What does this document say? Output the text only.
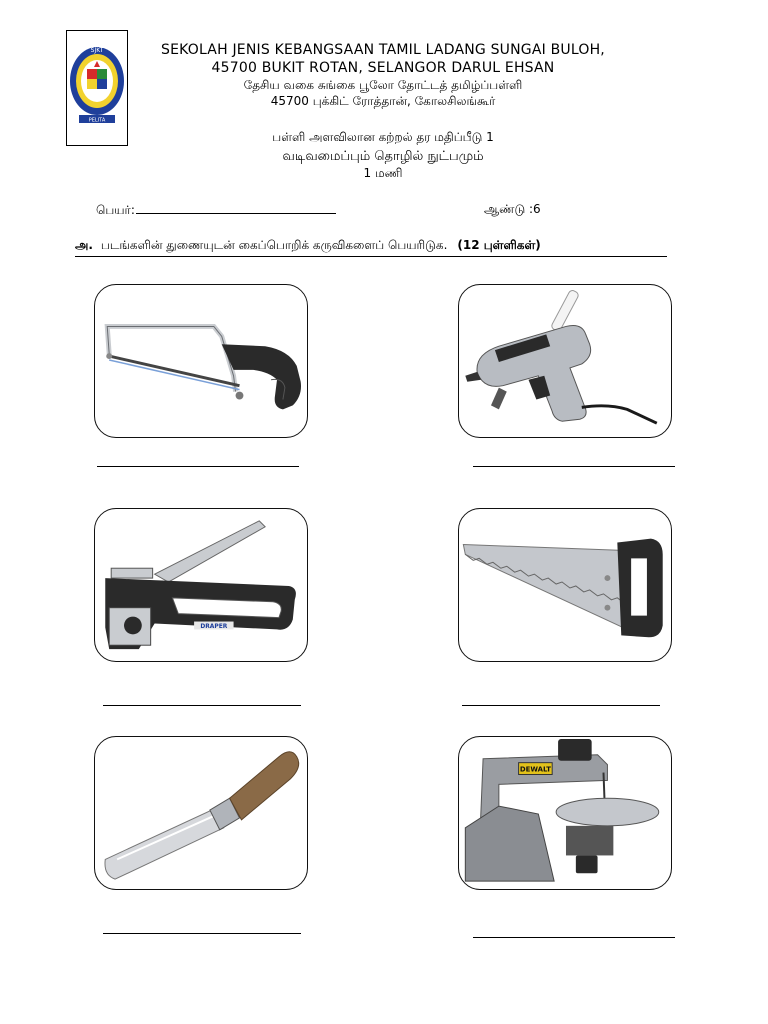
SJKT
PELITA
SEKOLAH JENIS KEBANGSAAN TAMIL LADANG SUNGAI BULOH,
45700 BUKIT ROTAN, SELANGOR DARUL EHSAN
தேசிய வகை சுங்கை பூலோ தோட்டத் தமிழ்ப்பள்ளி
45700 புக்கிட் ரோத்தான், கோலசிலங்கூர்
பள்ளி அளவிலான கற்றல் தர மதிப்பீடு 1
வடிவமைப்பும் தொழில் நுட்பமும்
1 மணி
பெயர்:	ஆண்டு :6
அ. படங்களின் துணையுடன் கைப்பொறிக் கருவிகளைப் பெயரிடுக. (12 புள்ளிகள்)
DRAPER
DEWALT
